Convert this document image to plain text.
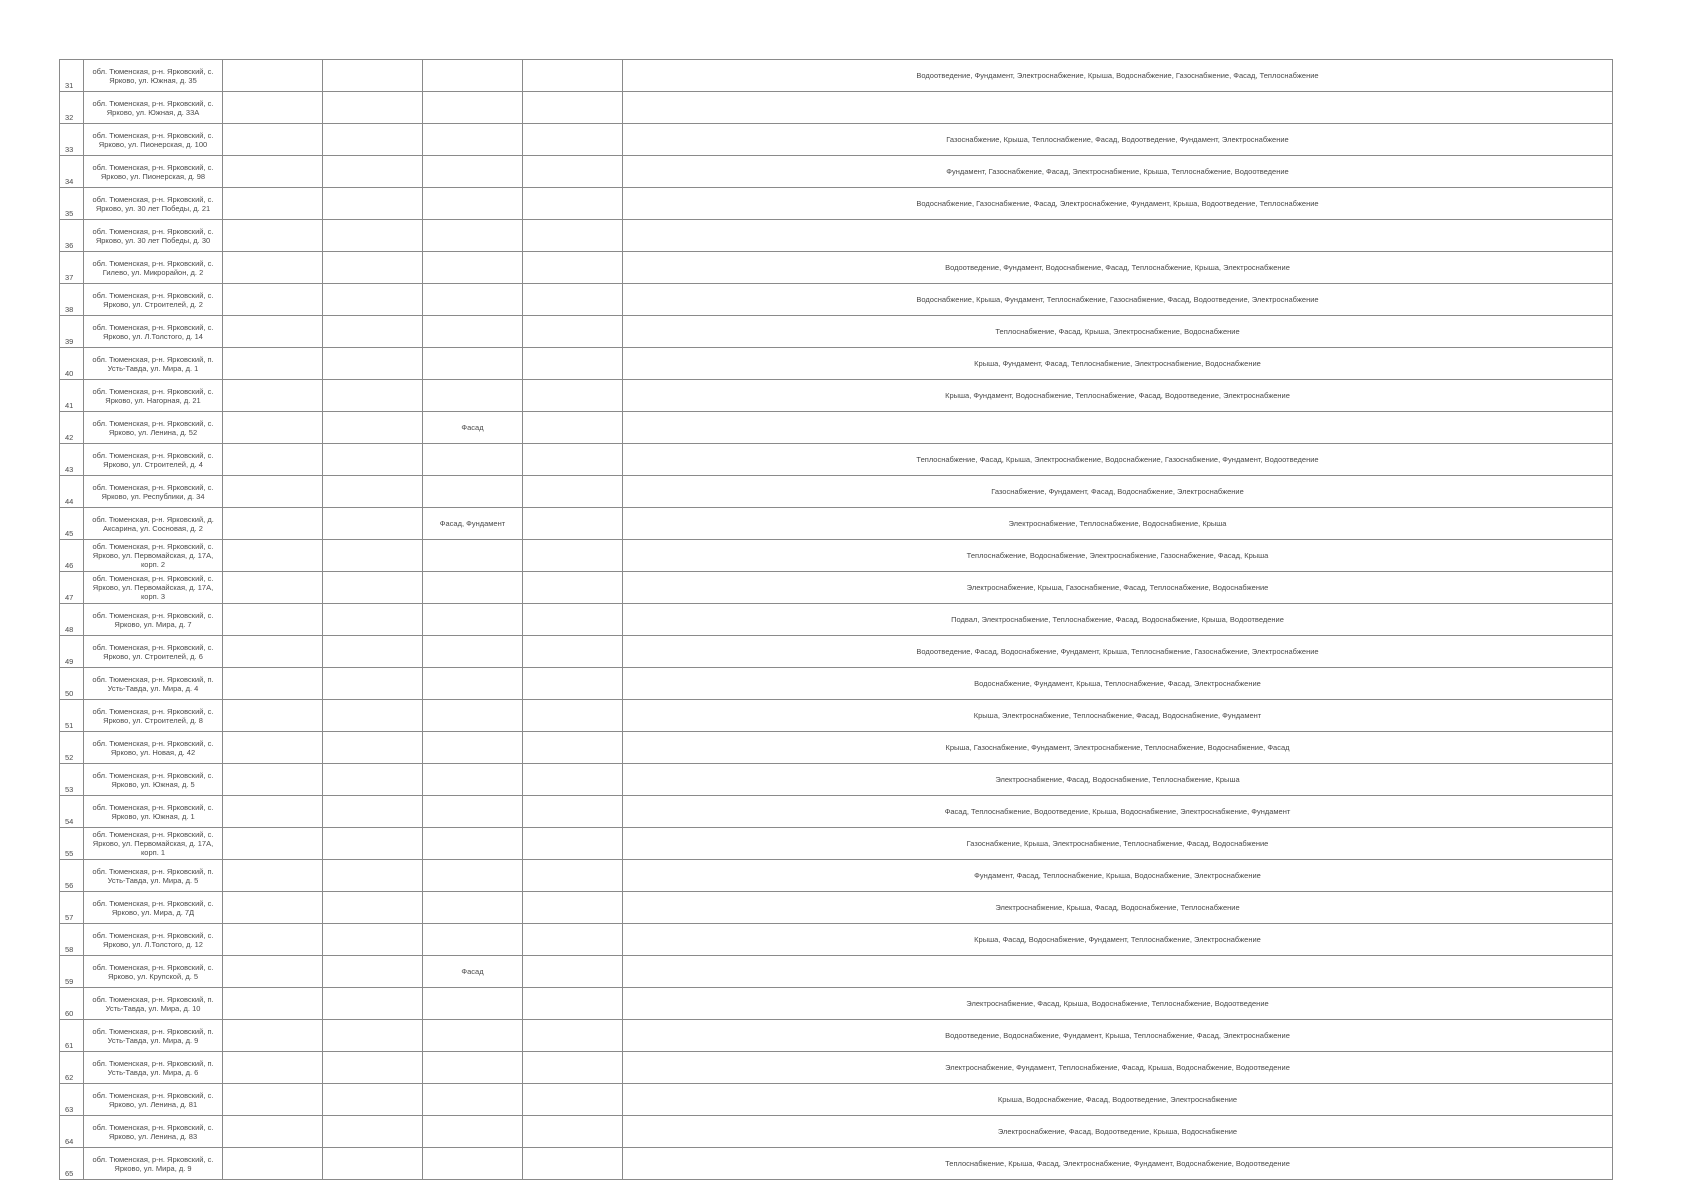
31	обл. Тюменская, р-н. Ярковский, с. Ярково, ул. Южная, д. 35					Водоотведение, Фундамент, Электроснабжение, Крыша, Водоснабжение, Газоснабжение, Фасад, Теплоснабжение
32	обл. Тюменская, р-н. Ярковский, с. Ярково, ул. Южная, д. 33А					
33	обл. Тюменская, р-н. Ярковский, с. Ярково, ул. Пионерская, д. 100					Газоснабжение, Крыша, Теплоснабжение, Фасад, Водоотведение, Фундамент, Электроснабжение
34	обл. Тюменская, р-н. Ярковский, с. Ярково, ул. Пионерская, д. 98					Фундамент, Газоснабжение, Фасад, Электроснабжение, Крыша, Теплоснабжение, Водоотведение
35	обл. Тюменская, р-н. Ярковский, с. Ярково, ул. 30 лет Победы, д. 21					Водоснабжение, Газоснабжение, Фасад, Электроснабжение, Фундамент, Крыша, Водоотведение, Теплоснабжение
36	обл. Тюменская, р-н. Ярковский, с. Ярково, ул. 30 лет Победы, д. 30					
37	обл. Тюменская, р-н. Ярковский, с. Гилево, ул. Микрорайон, д. 2					Водоотведение, Фундамент, Водоснабжение, Фасад, Теплоснабжение, Крыша, Электроснабжение
38	обл. Тюменская, р-н. Ярковский, с. Ярково, ул. Строителей, д. 2					Водоснабжение, Крыша, Фундамент, Теплоснабжение, Газоснабжение, Фасад, Водоотведение, Электроснабжение
39	обл. Тюменская, р-н. Ярковский, с. Ярково, ул. Л.Толстого, д. 14					Теплоснабжение, Фасад, Крыша, Электроснабжение, Водоснабжение
40	обл. Тюменская, р-н. Ярковский, п. Усть-Тавда, ул. Мира, д. 1					Крыша, Фундамент, Фасад, Теплоснабжение, Электроснабжение, Водоснабжение
41	обл. Тюменская, р-н. Ярковский, с. Ярково, ул. Нагорная, д. 21					Крыша, Фундамент, Водоснабжение, Теплоснабжение, Фасад, Водоотведение, Электроснабжение
42	обл. Тюменская, р-н. Ярковский, с. Ярково, ул. Ленина, д. 52			Фасад		
43	обл. Тюменская, р-н. Ярковский, с. Ярково, ул. Строителей, д. 4					Теплоснабжение, Фасад, Крыша, Электроснабжение, Водоснабжение, Газоснабжение, Фундамент, Водоотведение
44	обл. Тюменская, р-н. Ярковский, с. Ярково, ул. Республики, д. 34					Газоснабжение, Фундамент, Фасад, Водоснабжение, Электроснабжение
45	обл. Тюменская, р-н. Ярковский, д. Аксарина, ул. Сосновая, д. 2			Фасад, Фундамент		Электроснабжение, Теплоснабжение, Водоснабжение, Крыша
46	обл. Тюменская, р-н. Ярковский, с. Ярково, ул. Первомайская, д. 17А, корп. 2					Теплоснабжение, Водоснабжение, Электроснабжение, Газоснабжение, Фасад, Крыша
47	обл. Тюменская, р-н. Ярковский, с. Ярково, ул. Первомайская, д. 17А, корп. 3					Электроснабжение, Крыша, Газоснабжение, Фасад, Теплоснабжение, Водоснабжение
48	обл. Тюменская, р-н. Ярковский, с. Ярково, ул. Мира, д. 7					Подвал, Электроснабжение, Теплоснабжение, Фасад, Водоснабжение, Крыша, Водоотведение
49	обл. Тюменская, р-н. Ярковский, с. Ярково, ул. Строителей, д. 6					Водоотведение, Фасад, Водоснабжение, Фундамент, Крыша, Теплоснабжение, Газоснабжение, Электроснабжение
50	обл. Тюменская, р-н. Ярковский, п. Усть-Тавда, ул. Мира, д. 4					Водоснабжение, Фундамент, Крыша, Теплоснабжение, Фасад, Электроснабжение
51	обл. Тюменская, р-н. Ярковский, с. Ярково, ул. Строителей, д. 8					Крыша, Электроснабжение, Теплоснабжение, Фасад, Водоснабжение, Фундамент
52	обл. Тюменская, р-н. Ярковский, с. Ярково, ул. Новая, д. 42					Крыша, Газоснабжение, Фундамент, Электроснабжение, Теплоснабжение, Водоснабжение, Фасад
53	обл. Тюменская, р-н. Ярковский, с. Ярково, ул. Южная, д. 5					Электроснабжение, Фасад, Водоснабжение, Теплоснабжение, Крыша
54	обл. Тюменская, р-н. Ярковский, с. Ярково, ул. Южная, д. 1					Фасад, Теплоснабжение, Водоотведение, Крыша, Водоснабжение, Электроснабжение, Фундамент
55	обл. Тюменская, р-н. Ярковский, с. Ярково, ул. Первомайская, д. 17А, корп. 1					Газоснабжение, Крыша, Электроснабжение, Теплоснабжение, Фасад, Водоснабжение
56	обл. Тюменская, р-н. Ярковский, п. Усть-Тавда, ул. Мира, д. 5					Фундамент, Фасад, Теплоснабжение, Крыша, Водоснабжение, Электроснабжение
57	обл. Тюменская, р-н. Ярковский, с. Ярково, ул. Мира, д. 7Д					Электроснабжение, Крыша, Фасад, Водоснабжение, Теплоснабжение
58	обл. Тюменская, р-н. Ярковский, с. Ярково, ул. Л.Толстого, д. 12					Крыша, Фасад, Водоснабжение, Фундамент, Теплоснабжение, Электроснабжение
59	обл. Тюменская, р-н. Ярковский, с. Ярково, ул. Крупской, д. 5			Фасад		
60	обл. Тюменская, р-н. Ярковский, п. Усть-Тавда, ул. Мира, д. 10					Электроснабжение, Фасад, Крыша, Водоснабжение, Теплоснабжение, Водоотведение
61	обл. Тюменская, р-н. Ярковский, п. Усть-Тавда, ул. Мира, д. 9					Водоотведение, Водоснабжение, Фундамент, Крыша, Теплоснабжение, Фасад, Электроснабжение
62	обл. Тюменская, р-н. Ярковский, п. Усть-Тавда, ул. Мира, д. 6					Электроснабжение, Фундамент, Теплоснабжение, Фасад, Крыша, Водоснабжение, Водоотведение
63	обл. Тюменская, р-н. Ярковский, с. Ярково, ул. Ленина, д. 81					Крыша, Водоснабжение, Фасад, Водоотведение, Электроснабжение
64	обл. Тюменская, р-н. Ярковский, с. Ярково, ул. Ленина, д. 83					Электроснабжение, Фасад, Водоотведение, Крыша, Водоснабжение
65	обл. Тюменская, р-н. Ярковский, с. Ярково, ул. Мира, д. 9					Теплоснабжение, Крыша, Фасад, Электроснабжение, Фундамент, Водоснабжение, Водоотведение
